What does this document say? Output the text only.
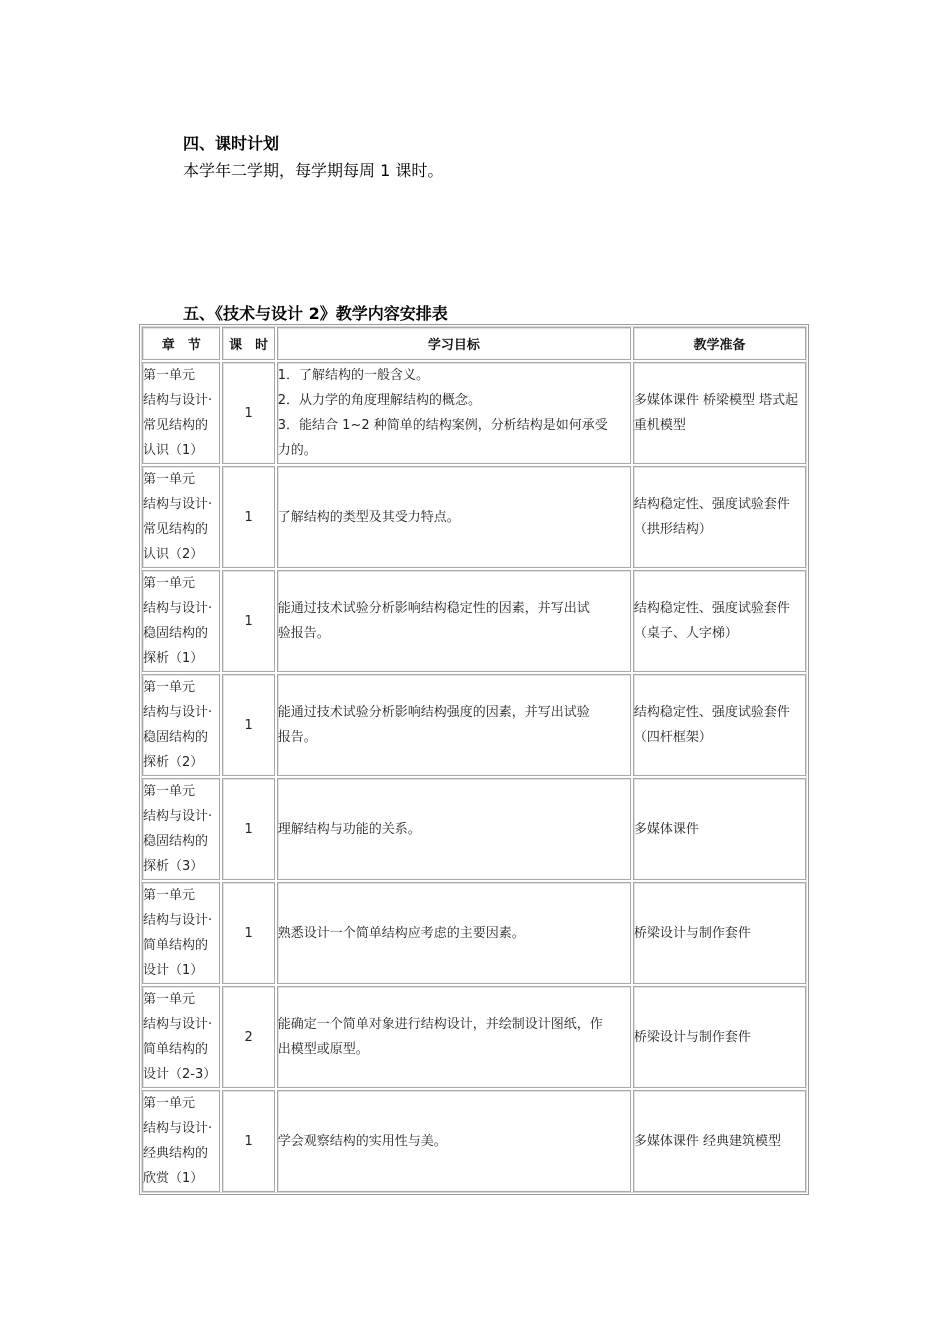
四、课时计划
本学年二学期，每学期每周 1 课时。
五、《技术与设计 2》教学内容安排表
章　节	课　时	学习目标	教学准备

第一单元
结构与设计·
常见结构的
认识（1）	1	1．了解结构的一般含义。
2．从力学的角度理解结构的概念。
3．能结合 1~2 种简单的结构案例，分析结构是如何承受
力的。	多媒体课件 桥梁模型 塔式起重机模型

第一单元
结构与设计·
常见结构的
认识（2）	1	了解结构的类型及其受力特点。	结构稳定性、强度试验套件（拱形结构）

第一单元
结构与设计·
稳固结构的
探析（1）	1	能通过技术试验分析影响结构稳定性的因素，并写出试
验报告。	结构稳定性、强度试验套件（桌子、人字梯）

第一单元
结构与设计·
稳固结构的
探析（2）	1	能通过技术试验分析影响结构强度的因素，并写出试验
报告。	结构稳定性、强度试验套件（四杆框架）

第一单元
结构与设计·
稳固结构的
探析（3）	1	理解结构与功能的关系。	多媒体课件

第一单元
结构与设计·
简单结构的
设计（1）	1	熟悉设计一个简单结构应考虑的主要因素。	桥梁设计与制作套件

第一单元
结构与设计·
简单结构的
设计（2-3）	2	能确定一个简单对象进行结构设计，并绘制设计图纸，作
出模型或原型。	桥梁设计与制作套件

第一单元
结构与设计·
经典结构的
欣赏（1）	1	学会观察结构的实用性与美。	多媒体课件 经典建筑模型
